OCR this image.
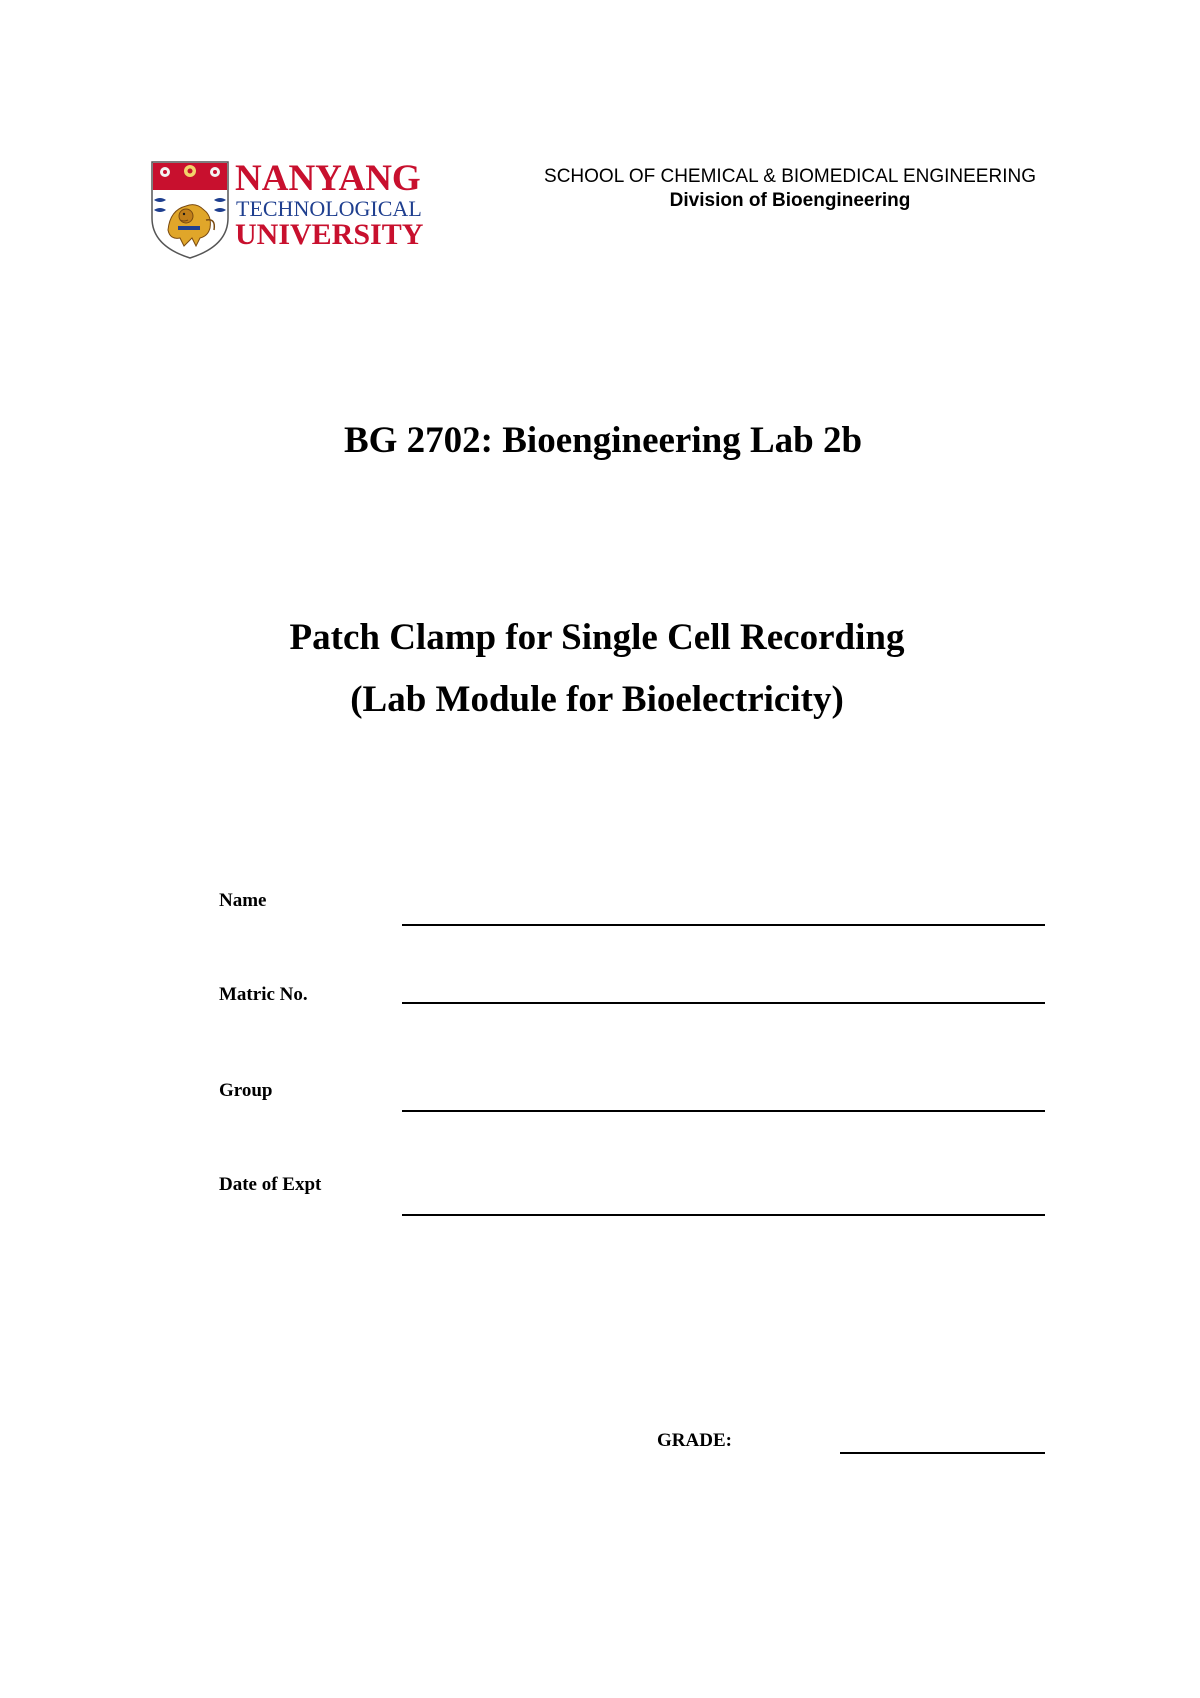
NANYANG
TECHNOLOGICAL
UNIVERSITY
SCHOOL OF CHEMICAL & BIOMEDICAL ENGINEERING
Division of Bioengineering
BG 2702: Bioengineering Lab 2b
Patch Clamp for Single Cell Recording
(Lab Module for Bioelectricity)
Name
Matric No.
Group
Date of Expt
GRADE:
